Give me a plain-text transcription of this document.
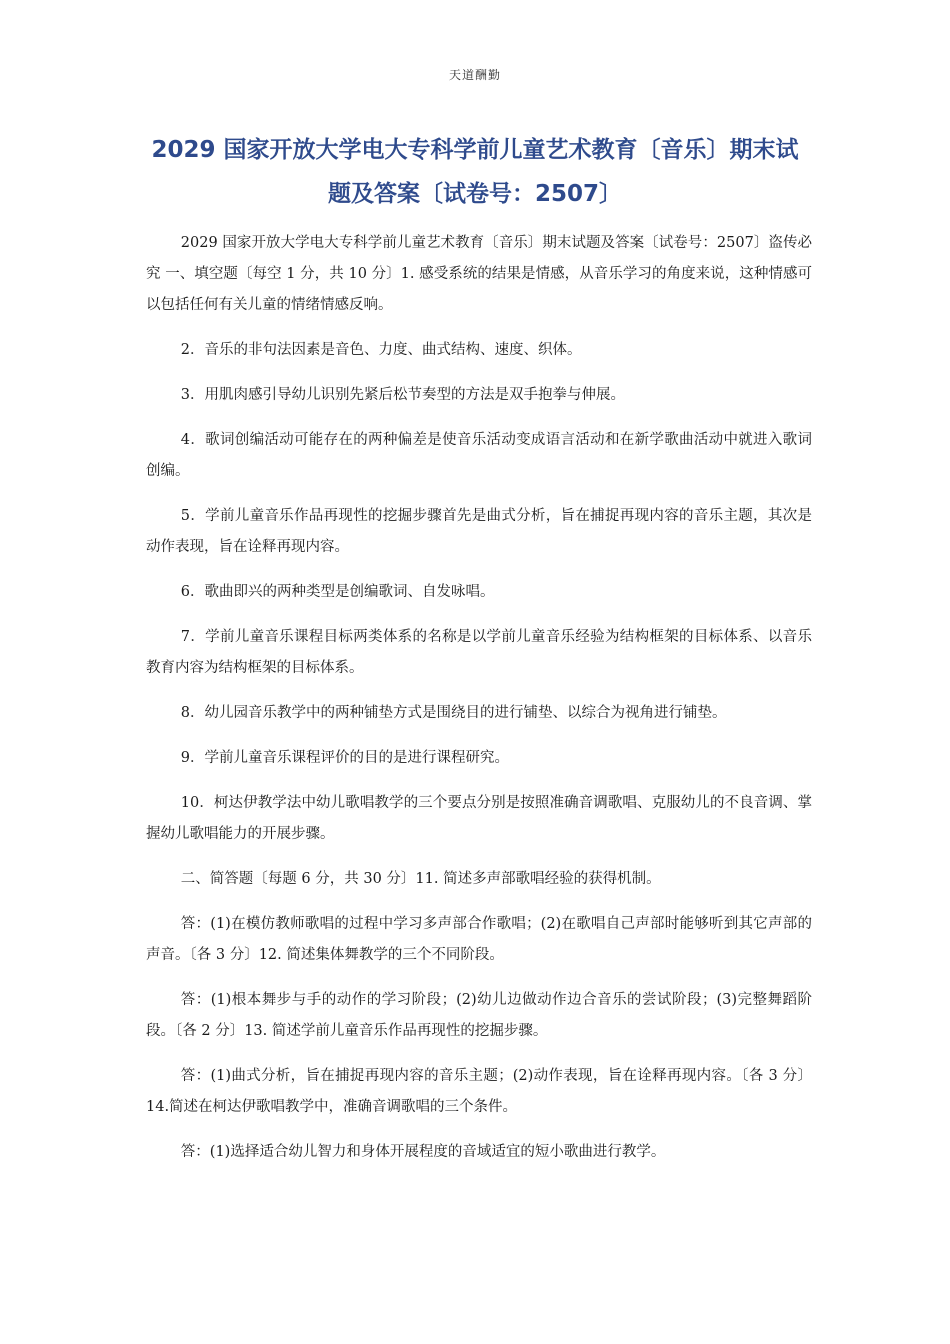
天道酬勤
2029 国家开放大学电大专科学前儿童艺术教育〔音乐〕期末试
题及答案〔试卷号：2507〕

2029 国家开放大学电大专科学前儿童艺术教育〔音乐〕期末试题及答案〔试卷号：2507〕盗传必究 一、填空题〔每空 1 分，共 10 分〕1. 感受系统的结果是情感，从音乐学习的角度来说，这种情感可以包括任何有关儿童的情绪情感反响。

2．音乐的非句法因素是音色、力度、曲式结构、速度、织体。

3．用肌肉感引导幼儿识别先紧后松节奏型的方法是双手抱拳与伸展。

4．歌词创编活动可能存在的两种偏差是使音乐活动变成语言活动和在新学歌曲活动中就进入歌词创编。

5．学前儿童音乐作品再现性的挖掘步骤首先是曲式分析，旨在捕捉再现内容的音乐主题，其次是动作表现，旨在诠释再现内容。

6．歌曲即兴的两种类型是创编歌词、自发咏唱。

7．学前儿童音乐课程目标两类体系的名称是以学前儿童音乐经验为结构框架的目标体系、以音乐教育内容为结构框架的目标体系。

8．幼儿园音乐教学中的两种铺垫方式是围绕目的进行铺垫、以综合为视角进行铺垫。

9．学前儿童音乐课程评价的目的是进行课程研究。

10．柯达伊教学法中幼儿歌唱教学的三个要点分别是按照准确音调歌唱、克服幼儿的不良音调、掌握幼儿歌唱能力的开展步骤。

二、简答题〔每题 6 分，共 30 分〕11. 简述多声部歌唱经验的获得机制。

答：(1)在模仿教师歌唱的过程中学习多声部合作歌唱；(2)在歌唱自己声部时能够听到其它声部的声音。〔各 3 分〕12. 简述集体舞教学的三个不同阶段。

答：(1)根本舞步与手的动作的学习阶段；(2)幼儿边做动作边合音乐的尝试阶段；(3)完整舞蹈阶段。〔各 2 分〕13. 简述学前儿童音乐作品再现性的挖掘步骤。

答：(1)曲式分析，旨在捕捉再现内容的音乐主题；(2)动作表现，旨在诠释再现内容。〔各 3 分〕14.简述在柯达伊歌唱教学中，准确音调歌唱的三个条件。

答：(1)选择适合幼儿智力和身体开展程度的音域适宜的短小歌曲进行教学。
